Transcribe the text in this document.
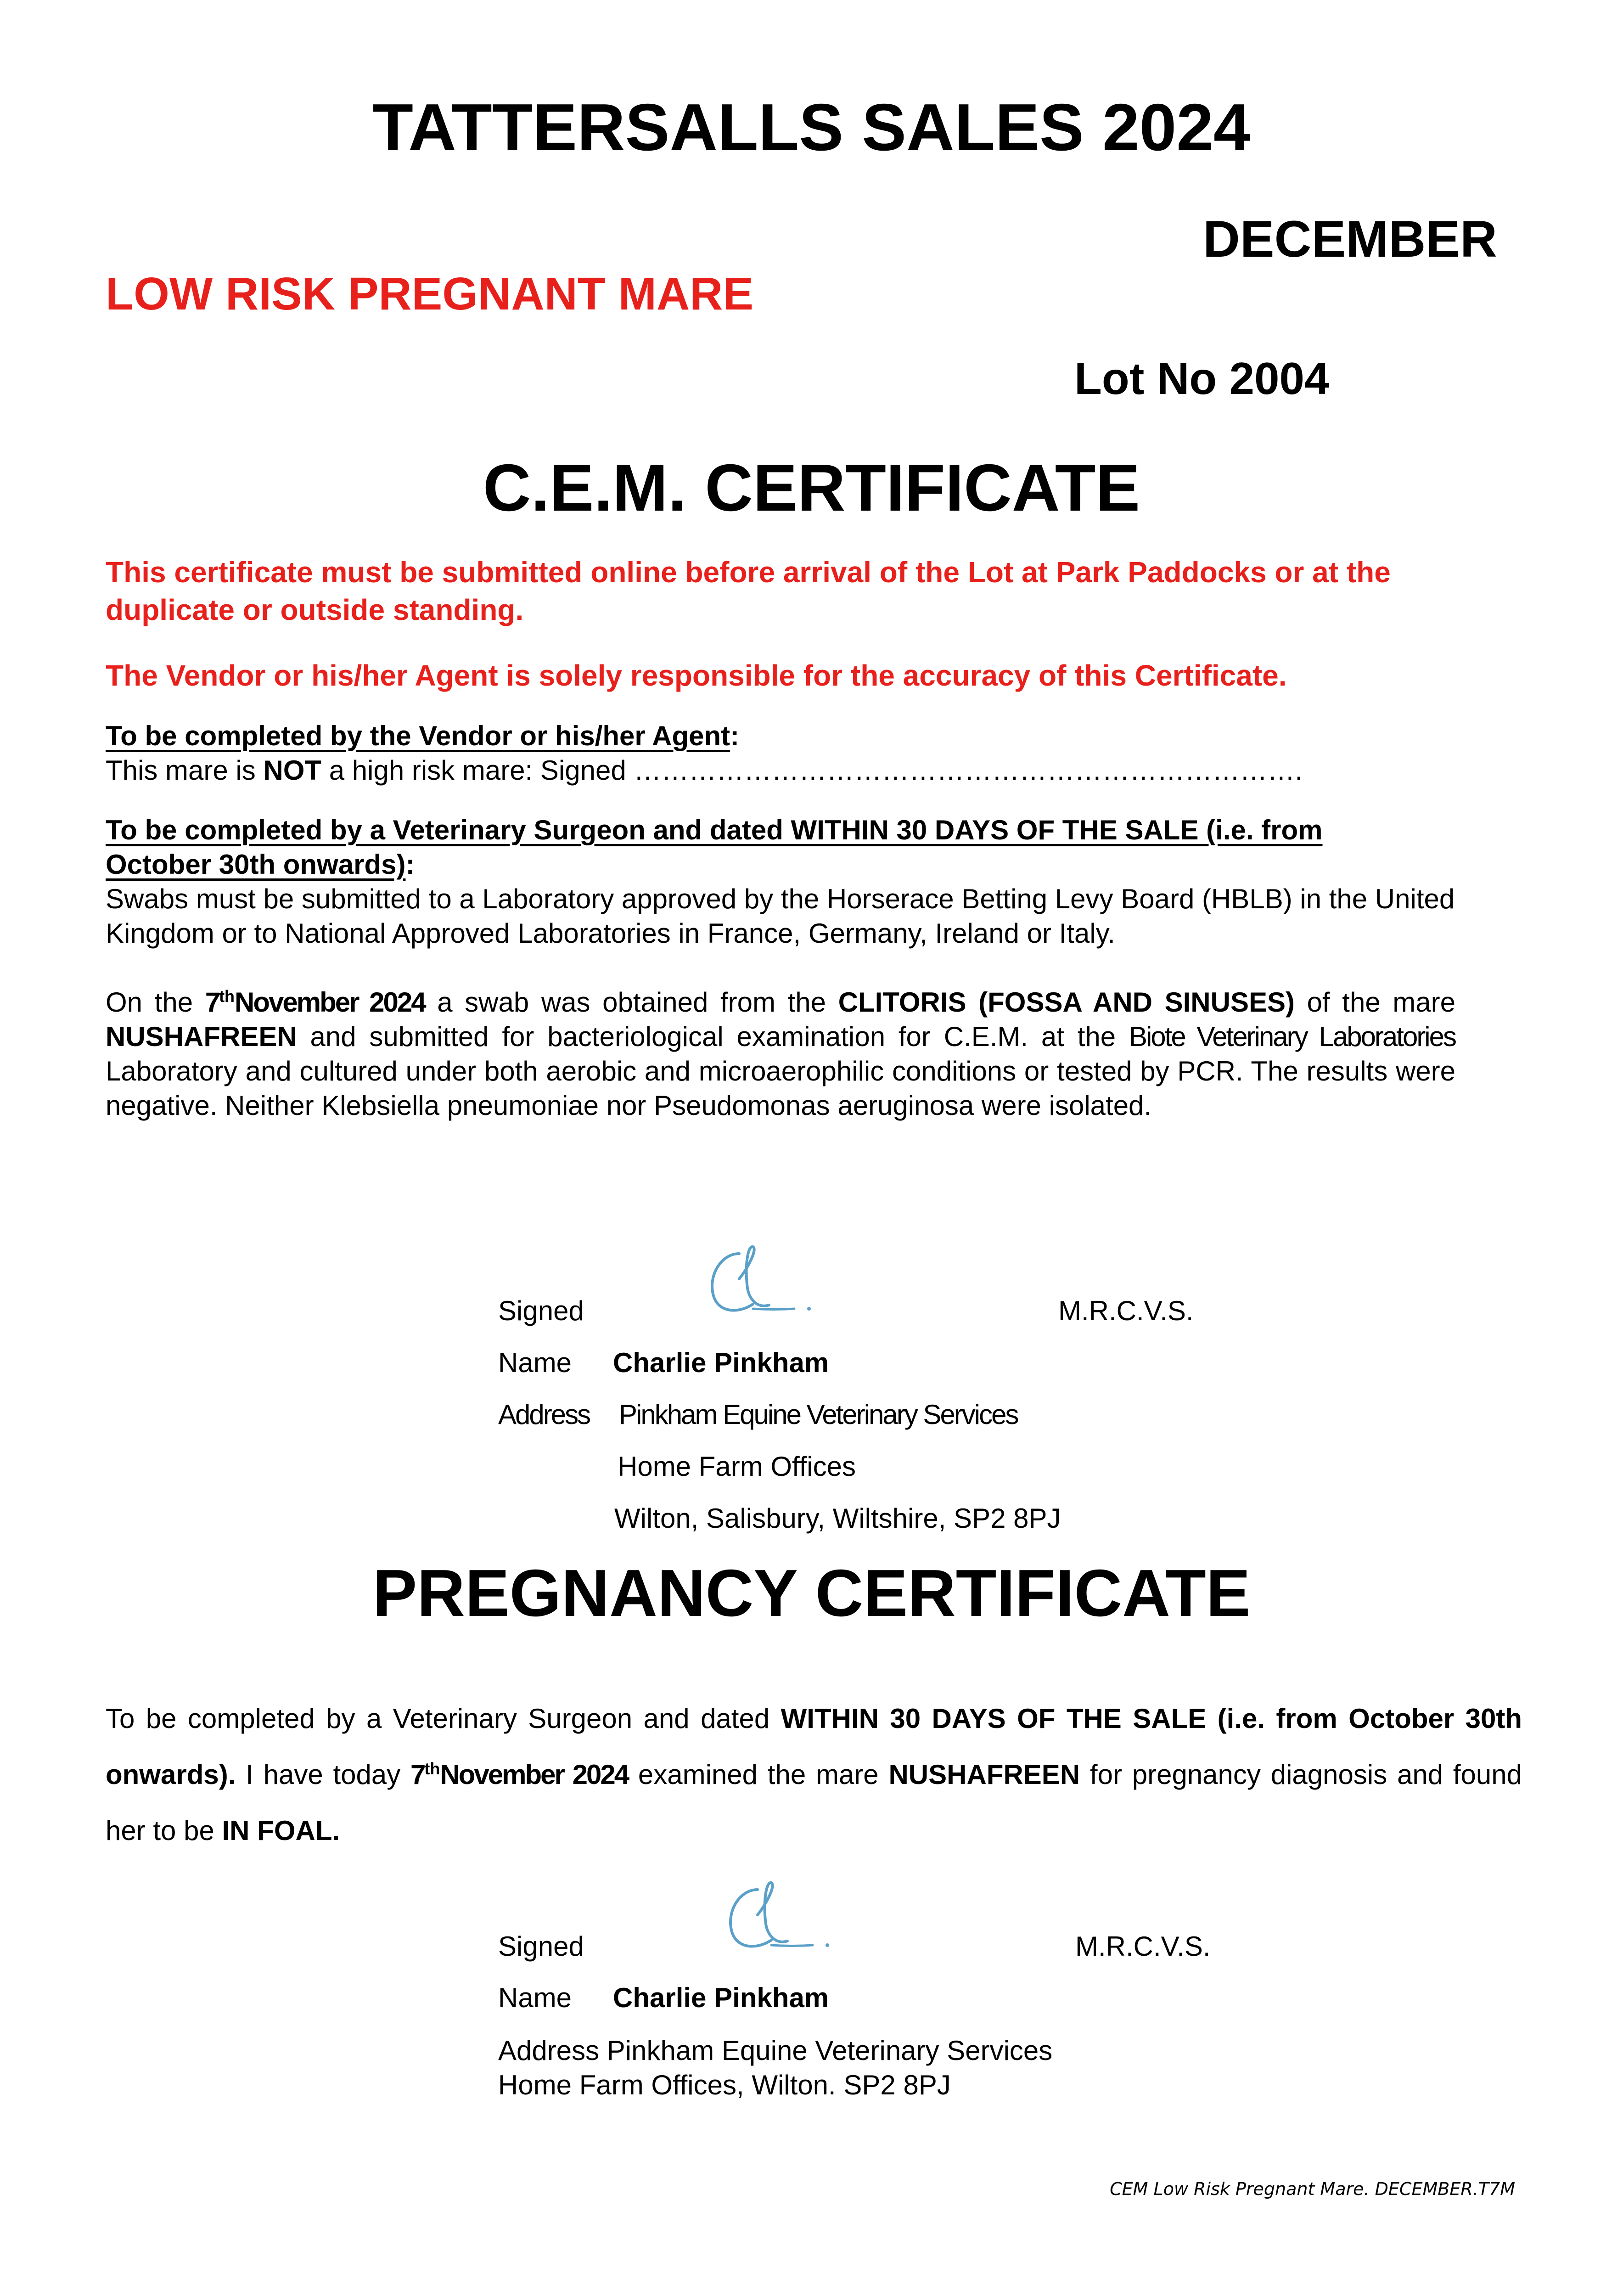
TATTERSALLS SALES 2024
DECEMBER
LOW RISK PREGNANT MARE
Lot No 2004
C.E.M. CERTIFICATE
This certificate must be submitted online before arrival of the Lot at Park Paddocks or at the duplicate or outside standing.
The Vendor or his/her Agent is solely responsible for the accuracy of this Certificate.
To be completed by the Vendor or his/her Agent:
This mare is NOT a high risk mare: Signed ……………………………………………………………….
To be completed by a Veterinary Surgeon and dated WITHIN 30 DAYS OF THE SALE (i.e. from October 30th onwards):
Swabs must be submitted to a Laboratory approved by the Horserace Betting Levy Board (HBLB) in the United Kingdom or to National Approved Laboratories in France, Germany, Ireland or Italy.
On the 7thNovember 2024 a swab was obtained from the CLITORIS (FOSSA AND SINUSES) of the mare NUSHAFREEN and submitted for bacteriological examination for C.E.M. at the Biote Veterinary Laboratories Laboratory and cultured under both aerobic and microaerophilic conditions or tested by PCR. The results were negative. Neither Klebsiella pneumoniae nor Pseudomonas aeruginosa were isolated.
Signed	M.R.C.V.S.
Name Charlie Pinkham
Address Pinkham Equine Veterinary Services
Home Farm Offices
Wilton, Salisbury, Wiltshire, SP2 8PJ
PREGNANCY CERTIFICATE
To be completed by a Veterinary Surgeon and dated WITHIN 30 DAYS OF THE SALE (i.e. from October 30th onwards). I have today 7thNovember 2024 examined the mare NUSHAFREEN for pregnancy diagnosis and found her to be IN FOAL.
Signed	M.R.C.V.S.
Name Charlie Pinkham
Address Pinkham Equine Veterinary Services
Home Farm Offices, Wilton. SP2 8PJ
CEM Low Risk Pregnant Mare. DECEMBER.T7M
